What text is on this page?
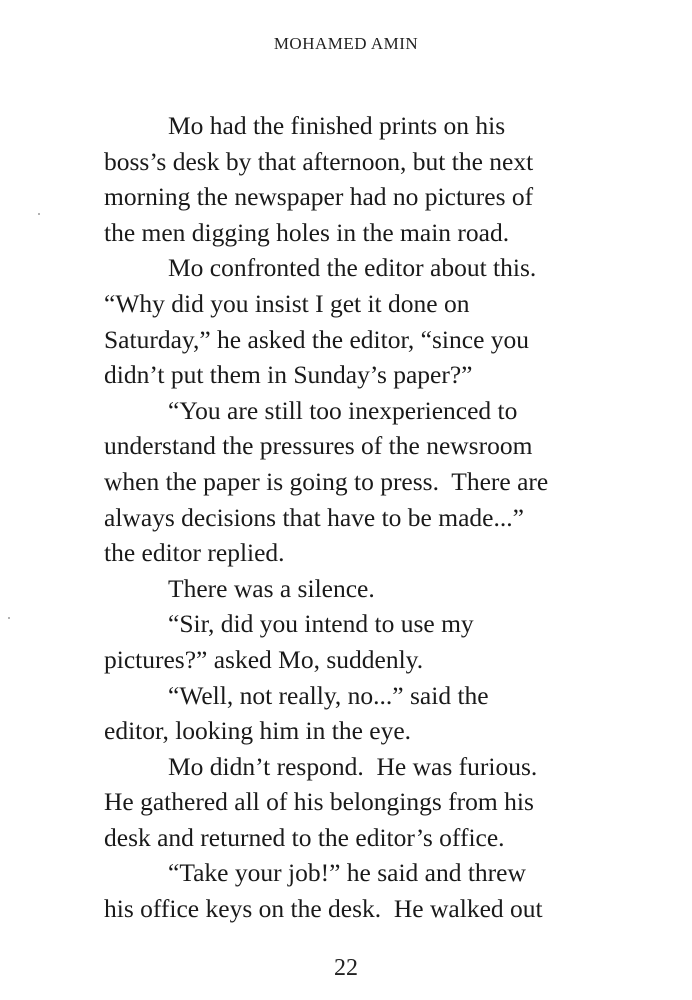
MOHAMED AMIN
Mo had the finished prints on his
boss’s desk by that afternoon, but the next
morning the newspaper had no pictures of
the men digging holes in the main road.
Mo confronted the editor about this.
“Why did you insist I get it done on
Saturday,” he asked the editor, “since you
didn’t put them in Sunday’s paper?”
“You are still too inexperienced to
understand the pressures of the newsroom
when the paper is going to press.  There are
always decisions that have to be made...”
the editor replied.
There was a silence.
“Sir, did you intend to use my
pictures?” asked Mo, suddenly.
“Well, not really, no...” said the
editor, looking him in the eye.
Mo didn’t respond.  He was furious.
He gathered all of his belongings from his
desk and returned to the editor’s office.
“Take your job!” he said and threw
his office keys on the desk.  He walked out
22
